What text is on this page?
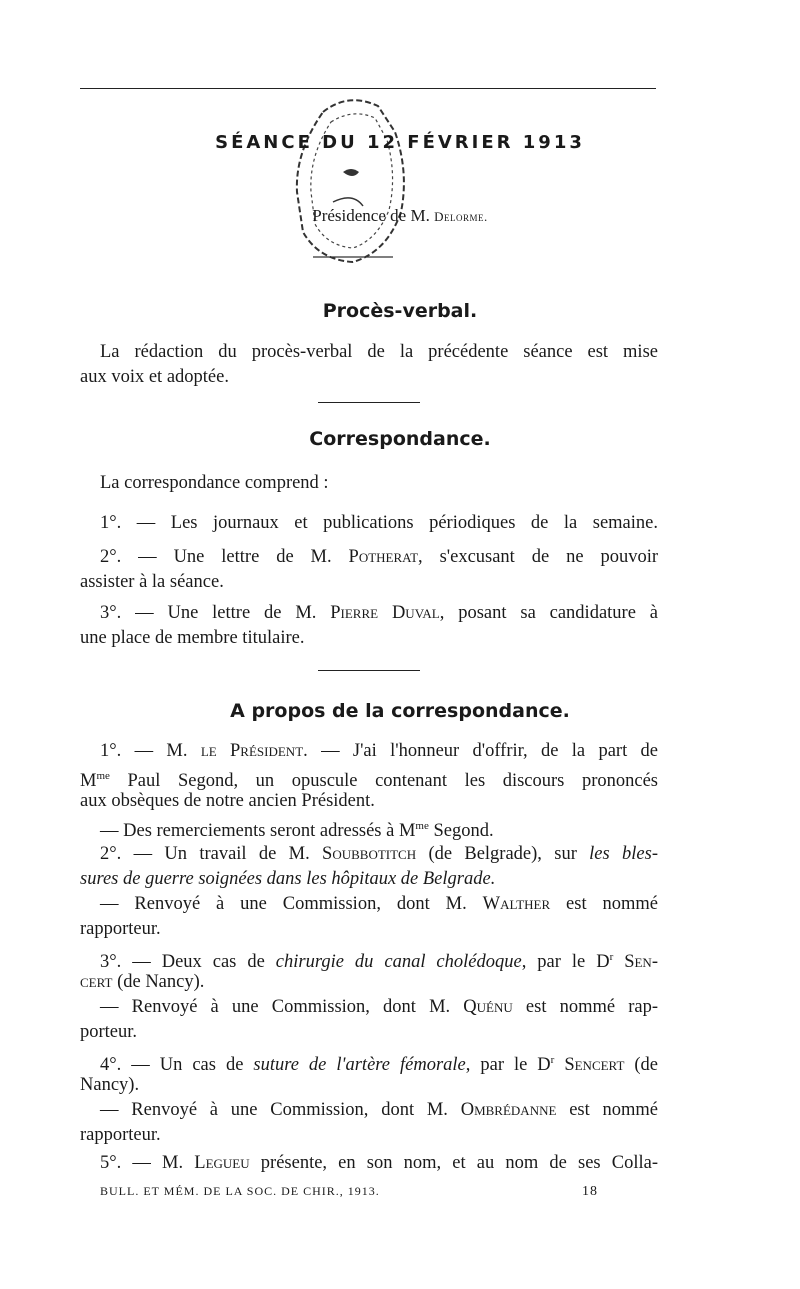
SÉANCE DU 12 FÉVRIER 1913
Présidence de M. Delorme.
Procès-verbal.

La rédaction du procès-verbal de la précédente séance est mise

aux voix et adoptée.

Correspondance.

La correspondance comprend :

1°. — Les journaux et publications périodiques de la semaine.

2°. — Une lettre de M. Potherat, s'excusant de ne pouvoir

assister à la séance.

3°. — Une lettre de M. Pierre Duval, posant sa candidature à

une place de membre titulaire.

A propos de la correspondance.

1°. — M. le Président. — J'ai l'honneur d'offrir, de la part de

$M^{me}$ Paul Segond, un opuscule contenant les discours prononcés

aux obsèques de notre ancien Président.

— Des remerciements seront adressés à $M^{me}$ Segond.

2°. — Un travail de M. Soubbotitch (de Belgrade), sur les bles-

sures de guerre soignées dans les hôpitaux de Belgrade.

— Renvoyé à une Commission, dont M. Walther est nommé

rapporteur.

3°. — Deux cas de chirurgie du canal cholédoque, par le $D^r$ Sen-

cert (de Nancy).

— Renvoyé à une Commission, dont M. Quénu est nommé rap-

porteur.

4°. — Un cas de suture de l'artère fémorale, par le $D^r$ Sencert (de

Nancy).

— Renvoyé à une Commission, dont M. Ombrédanne est nommé

rapporteur.

5°. — M. Legueu présente, en son nom, et au nom de ses Colla-

BULL. ET MÉM. DE LA SOC. DE CHIR., 1913.	18
